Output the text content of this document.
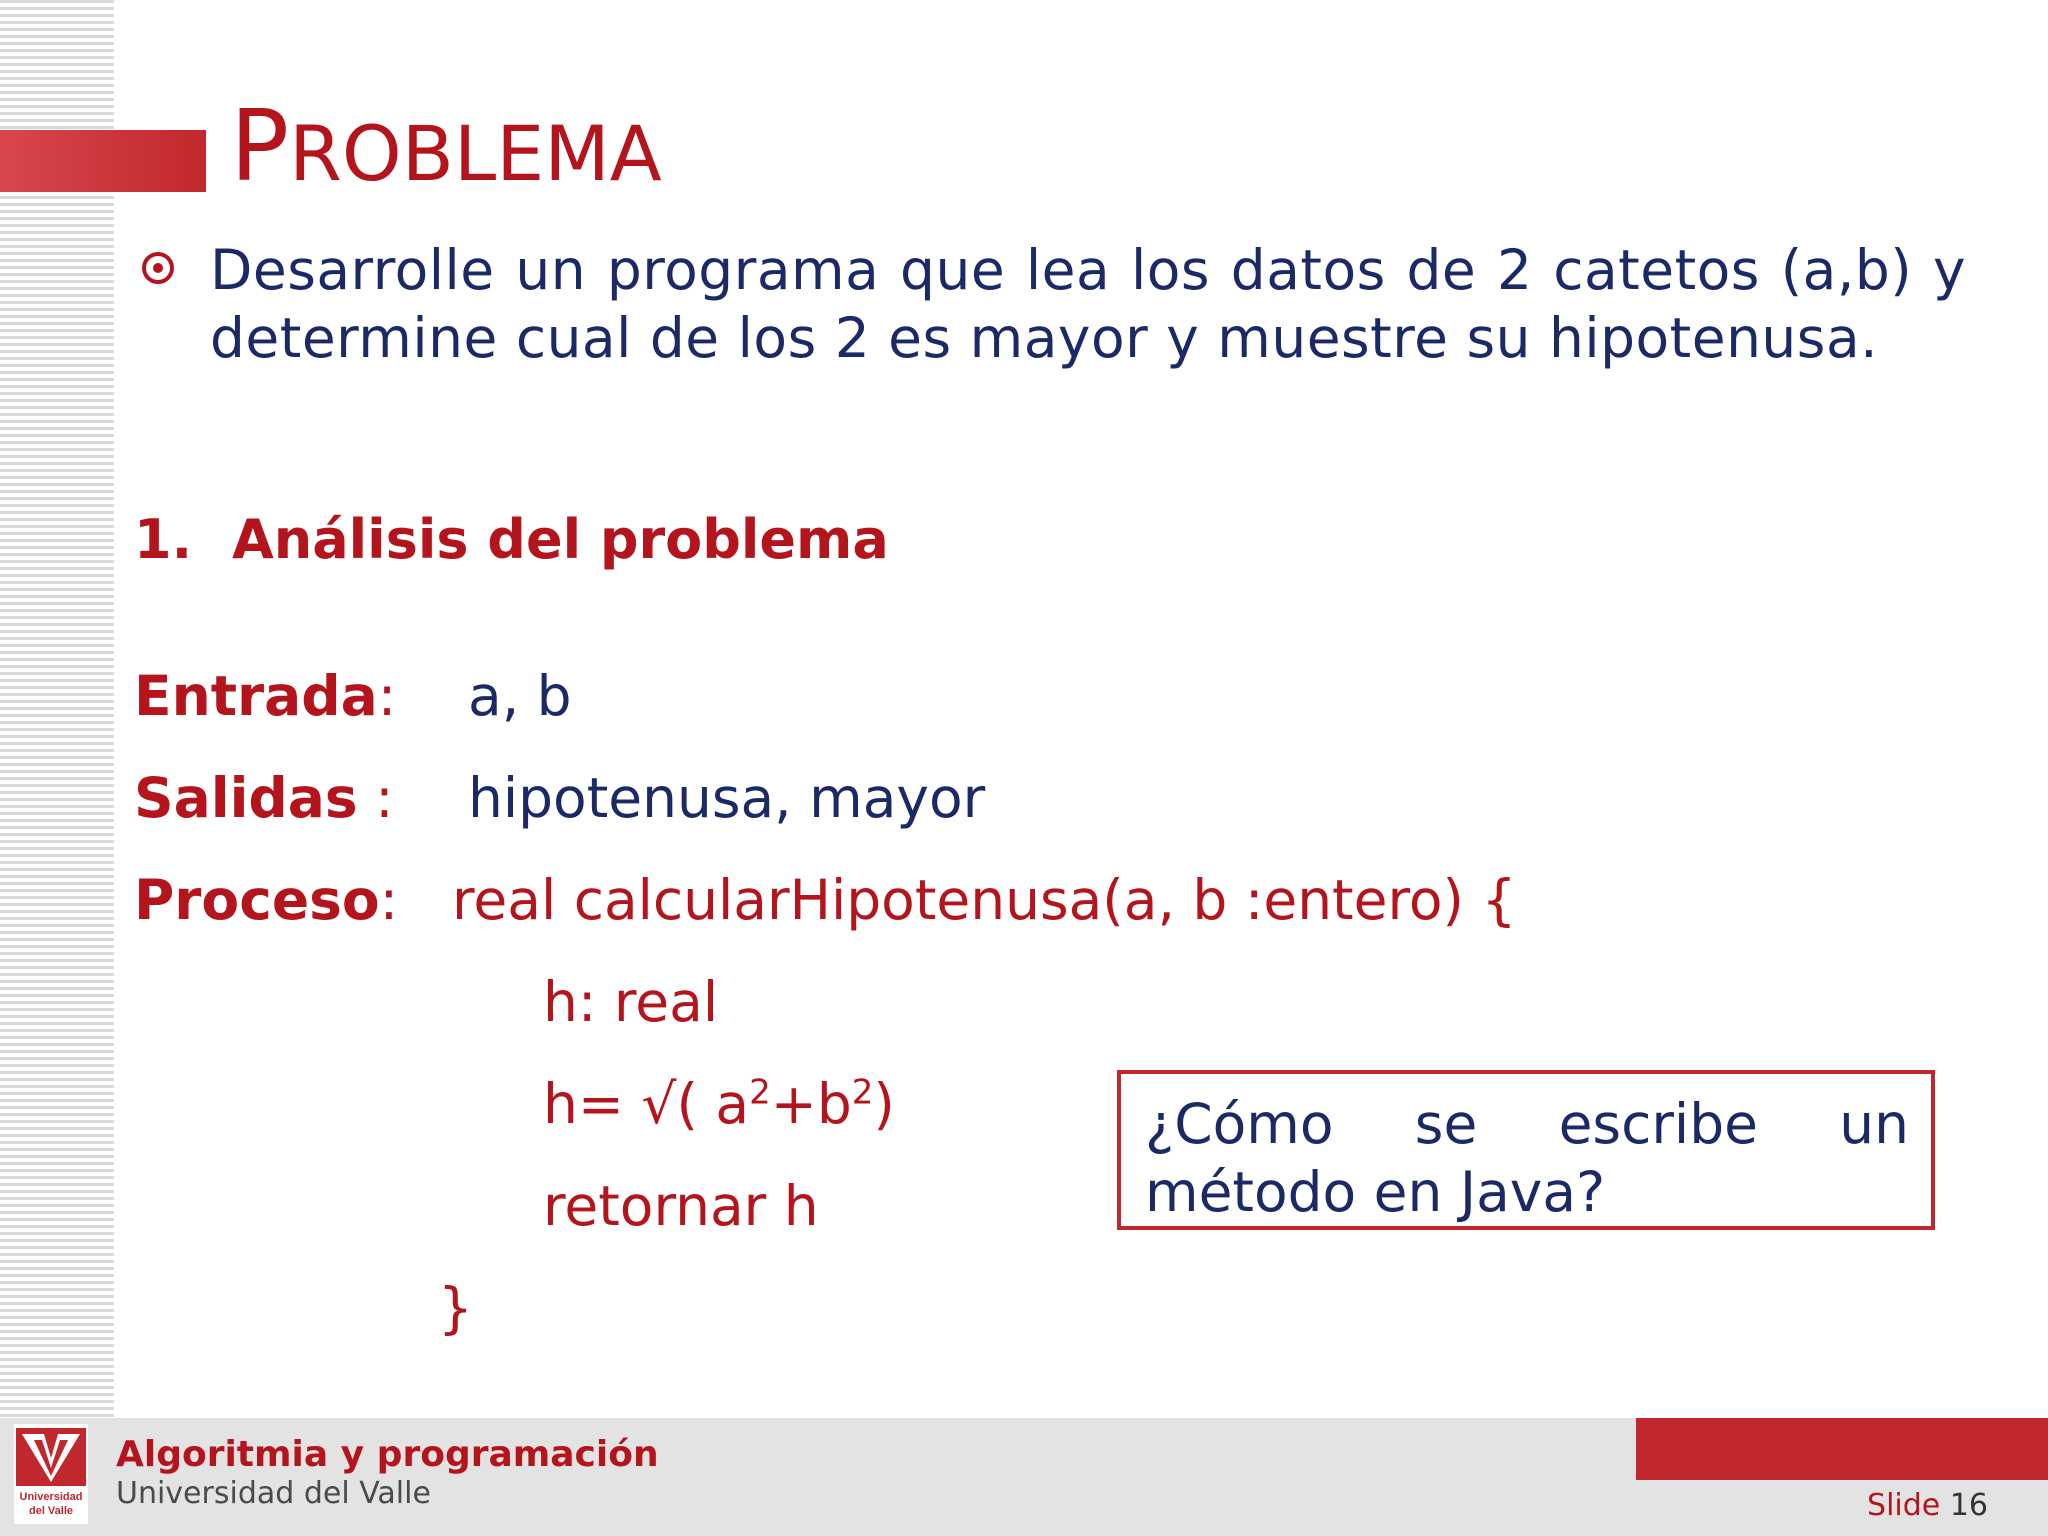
PROBLEMA
Desarrolle un programa que lea los datos de 2 catetos (a,b) y determine cual de los 2 es mayor y muestre su hipotenusa.
1. Análisis del problema
Entrada: a, b
Salidas : hipotenusa, mayor
Proceso: real calcularHipotenusa(a, b :entero) {
h: real
h= √( $a^2+b^2$)
retornar h
}
¿Cómo se escribe un método en Java?
Universidad
del Valle
Algoritmia y programación
Universidad del Valle	Slide 16
